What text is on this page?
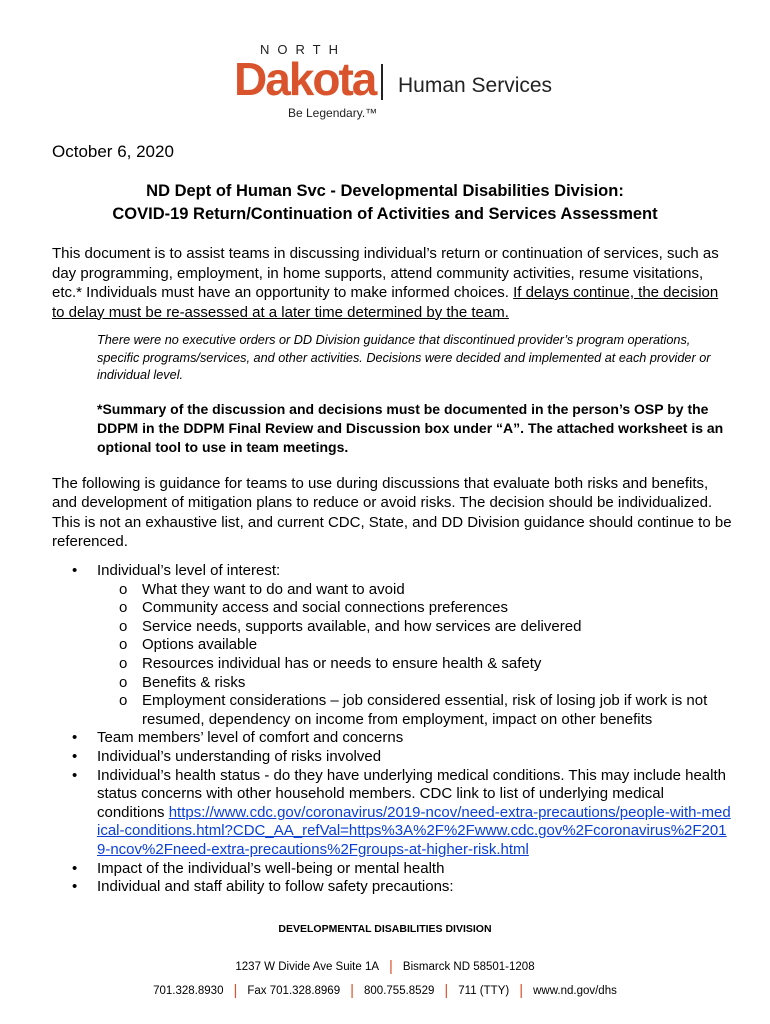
NORTH
Dakota Human Services
Be Legendary.™
October 6, 2020
ND Dept of Human Svc - Developmental Disabilities Division:
COVID-19 Return/Continuation of Activities and Services Assessment
This document is to assist teams in discussing individual’s return or continuation of services, such as day programming, employment, in home supports, attend community activities, resume visitations, etc.* Individuals must have an opportunity to make informed choices. If delays continue, the decision to delay must be re-assessed at a later time determined by the team.
There were no executive orders or DD Division guidance that discontinued provider’s program operations, specific programs/services, and other activities. Decisions were decided and implemented at each provider or individual level.
*Summary of the discussion and decisions must be documented in the person’s OSP by the DDPM in the DDPM Final Review and Discussion box under “A”. The attached worksheet is an optional tool to use in team meetings.
The following is guidance for teams to use during discussions that evaluate both risks and benefits, and development of mitigation plans to reduce or avoid risks. The decision should be individualized. This is not an exhaustive list, and current CDC, State, and DD Division guidance should continue to be referenced.
• Individual’s level of interest:
o What they want to do and want to avoid
o Community access and social connections preferences
o Service needs, supports available, and how services are delivered
o Options available
o Resources individual has or needs to ensure health & safety
o Benefits & risks
o Employment considerations – job considered essential, risk of losing job if work is not resumed, dependency on income from employment, impact on other benefits
• Team members’ level of comfort and concerns
• Individual’s understanding of risks involved
• Individual’s health status - do they have underlying medical conditions. This may include health status concerns with other household members. CDC link to list of underlying medical conditions https://www.cdc.gov/coronavirus/2019-ncov/need-extra-precautions/people-with-medical-conditions.html?CDC_AA_refVal=https%3A%2F%2Fwww.cdc.gov%2Fcoronavirus%2F2019-ncov%2Fneed-extra-precautions%2Fgroups-at-higher-risk.html
• Impact of the individual’s well-being or mental health
• Individual and staff ability to follow safety precautions:
DEVELOPMENTAL DISABILITIES DIVISION
1237 W Divide Ave Suite 1A | Bismarck ND 58501-1208
701.328.8930 | Fax 701.328.8969 | 800.755.8529 | 711 (TTY) | www.nd.gov/dhs
